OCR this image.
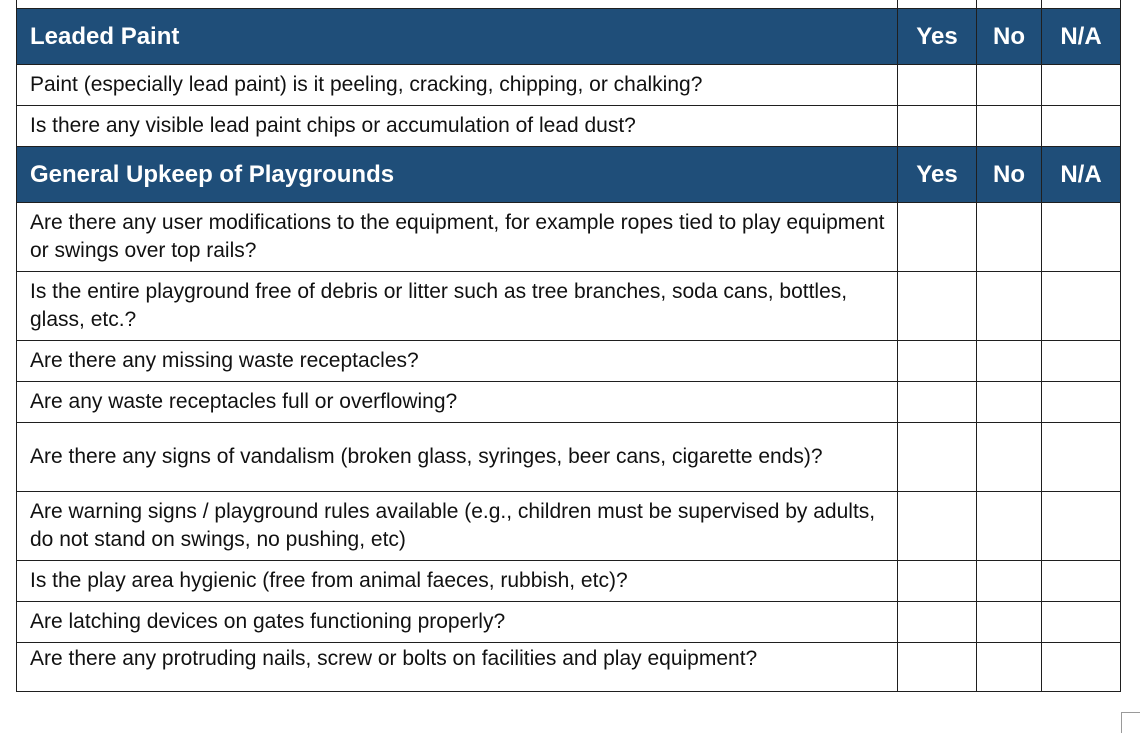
Leaded Paint	Yes	No	N/A
Paint (especially lead paint) is it peeling, cracking, chipping, or chalking?			
Is there any visible lead paint chips or accumulation of lead dust?			
General Upkeep of Playgrounds	Yes	No	N/A
Are there any user modifications to the equipment, for example ropes tied to play equipment or swings over top rails?			
Is the entire playground free of debris or litter such as tree branches, soda cans, bottles, glass, etc.?			
Are there any missing waste receptacles?			
Are any waste receptacles full or overflowing?			
Are there any signs of vandalism (broken glass, syringes, beer cans, cigarette ends)?			
Are warning signs / playground rules available (e.g., children must be supervised by adults, do not stand on swings, no pushing, etc)			
Is the play area hygienic (free from animal faeces, rubbish, etc)?			
Are latching devices on gates functioning properly?			
Are there any protruding nails, screw or bolts on facilities and play equipment?			
